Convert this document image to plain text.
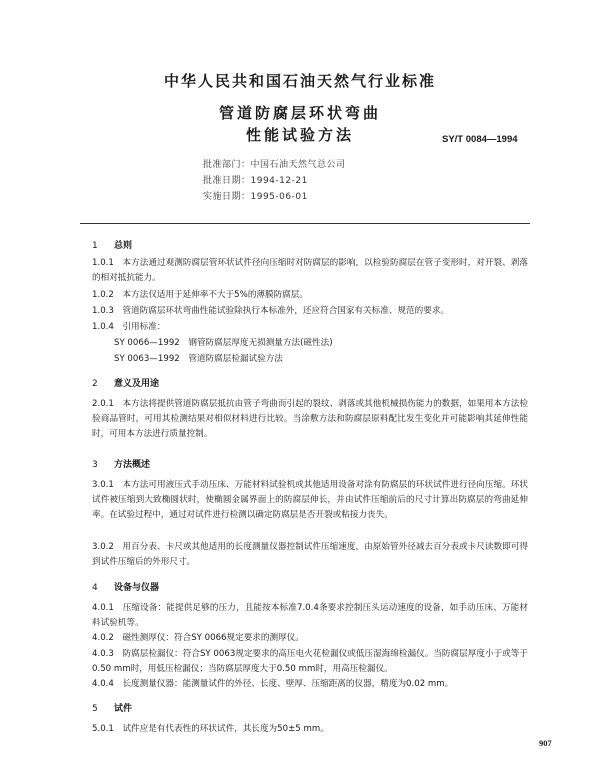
中华人民共和国石油天然气行业标准
管道防腐层环状弯曲
性能试验方法	SY/T 0084—1994
批准部门：中国石油天然气总公司
批准日期：1994-12-21
实施日期：1995-06-01
1 总则
1.0.1　本方法通过观测防腐层管环状试件径向压缩时对防腐层的影响，以检验防腐层在管子变形时，对开裂、剥落的相对抵抗能力。
1.0.2　本方法仅适用于延伸率不大于5%的薄膜防腐层。
1.0.3　管道防腐层环状弯曲性能试验除执行本标准外，还应符合国家有关标准、规范的要求。
1.0.4　引用标准：
SY 0066—1992　钢管防腐层厚度无损测量方法(磁性法)
SY 0063—1992　管道防腐层检漏试验方法
2 意义及用途
2.0.1　本方法将提供管道防腐层抵抗由管子弯曲而引起的裂纹、剥落或其他机械损伤能力的数据，如果用本方法检验商品管时，可用其检测结果对相似材料进行比较。当涂敷方法和防腐层原料配比发生变化并可能影响其延伸性能时，可用本方法进行质量控制。
3 方法概述
3.0.1　本方法可用液压式手动压床、万能材料试验机或其他适用设备对涂有防腐层的环状试件进行径向压缩。环状试件被压缩到大致椭圆状时，使椭圆金属界面上的防腐层伸长，并由试件压缩前后的尺寸计算出防腐层的弯曲延伸率。在试验过程中，通过对试件进行检测以确定防腐层是否开裂或粘接力丧失。
3.0.2　用百分表、卡尺或其他适用的长度测量仪器控制试件压缩速度，由原始管外径减去百分表或卡尺读数即可得到试件压缩后的外形尺寸。
4 设备与仪器
4.0.1　压缩设备：能提供足够的压力，且能按本标准7.0.4条要求控制压头运动速度的设备，如手动压床、万能材料试验机等。
4.0.2　磁性测厚仪：符合SY 0066规定要求的测厚仪。
4.0.3　防腐层检漏仪：符合SY 0063规定要求的高压电火花检漏仪或低压湿海绵检漏仪。当防腐层厚度小于或等于0.50 mm时，用低压检漏仪；当防腐层厚度大于0.50 mm时，用高压检漏仪。
4.0.4　长度测量仪器：能测量试件的外径、长度、壁厚、压缩距离的仪器，精度为0.02 mm。
5 试件
5.0.1　试件应是有代表性的环状试件，其长度为50±5 mm。
907
